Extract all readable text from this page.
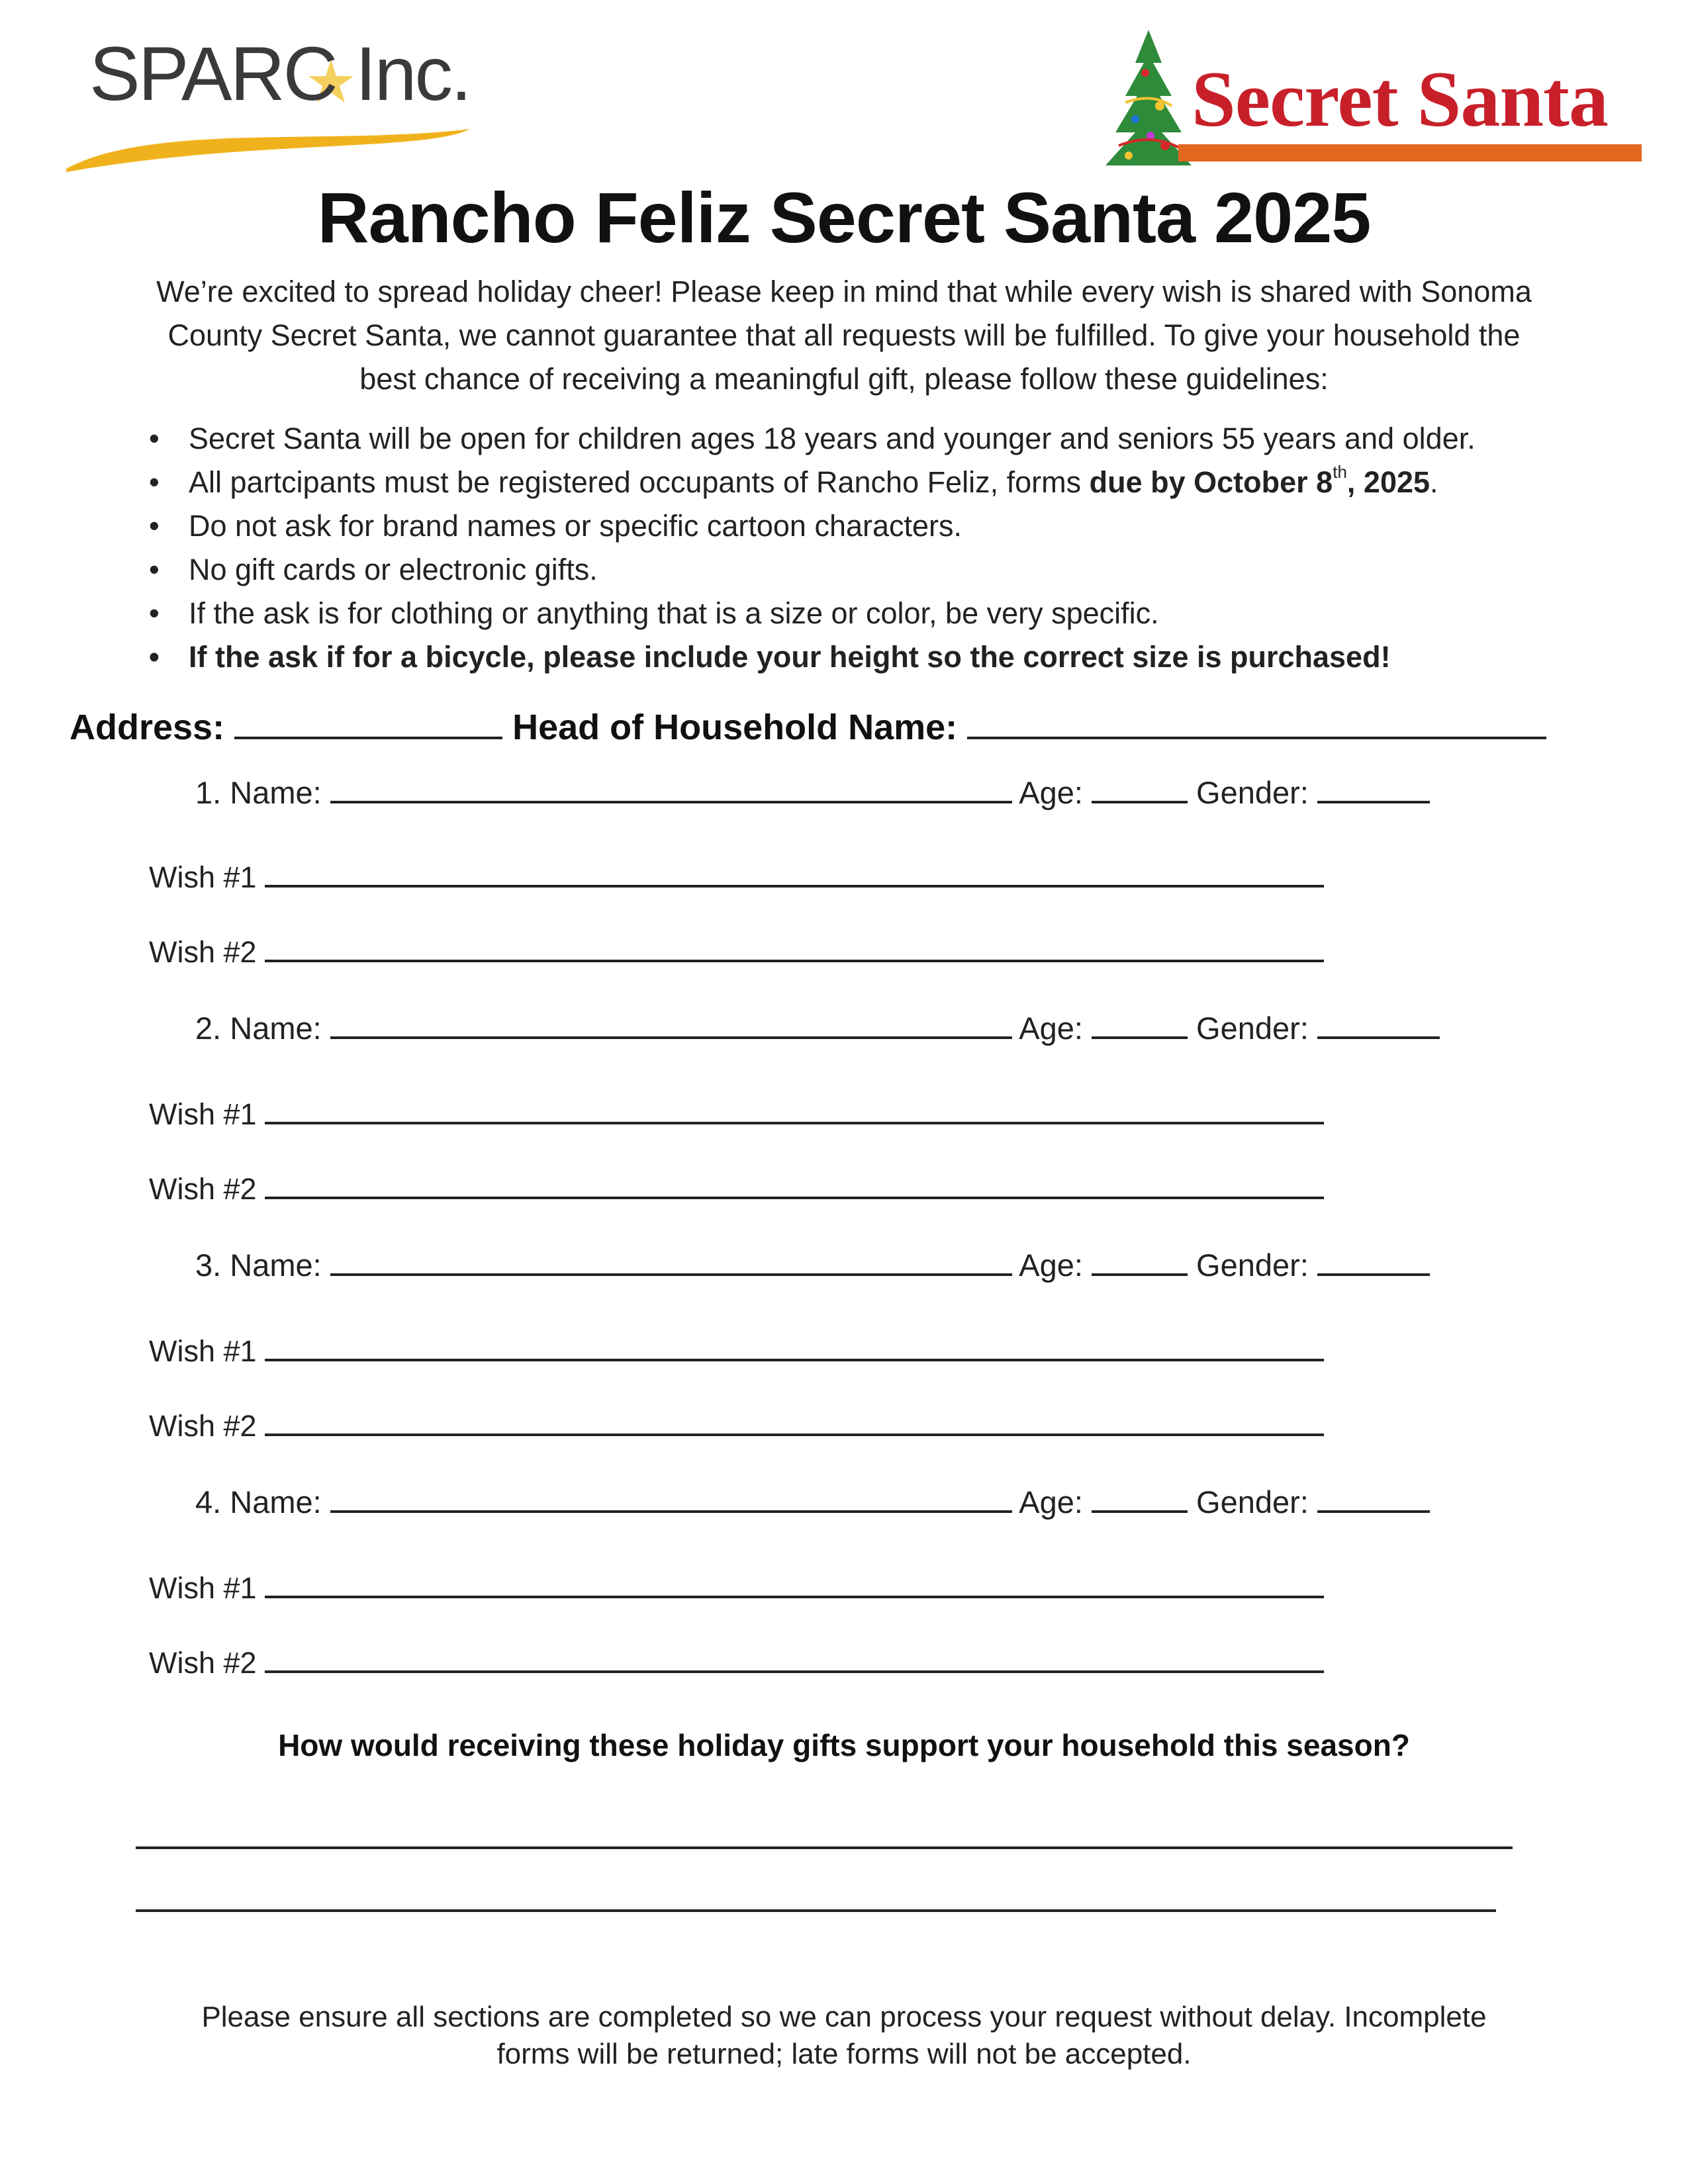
SPARC Inc.	Secret Santa
Rancho Feliz Secret Santa 2025
We’re excited to spread holiday cheer! Please keep in mind that while every wish is shared with Sonoma County Secret Santa, we cannot guarantee that all requests will be fulfilled. To give your household the best chance of receiving a meaningful gift, please follow these guidelines:
• Secret Santa will be open for children ages 18 years and younger and seniors 55 years and older.
• All partcipants must be registered occupants of Rancho Feliz, forms due by October 8th, 2025.
• Do not ask for brand names or specific cartoon characters.
• No gift cards or electronic gifts.
• If the ask is for clothing or anything that is a size or color, be very specific.
• If the ask if for a bicycle, please include your height so the correct size is purchased!
Address:	Head of Household Name:
1. Name:	Age:	Gender:
Wish #1
Wish #2
2. Name:	Age:	Gender:
Wish #1
Wish #2
3. Name:	Age:	Gender:
Wish #1
Wish #2
4. Name:	Age:	Gender:
Wish #1
Wish #2
How would receiving these holiday gifts support your household this season?
Please ensure all sections are completed so we can process your request without delay. Incomplete forms will be returned; late forms will not be accepted.
